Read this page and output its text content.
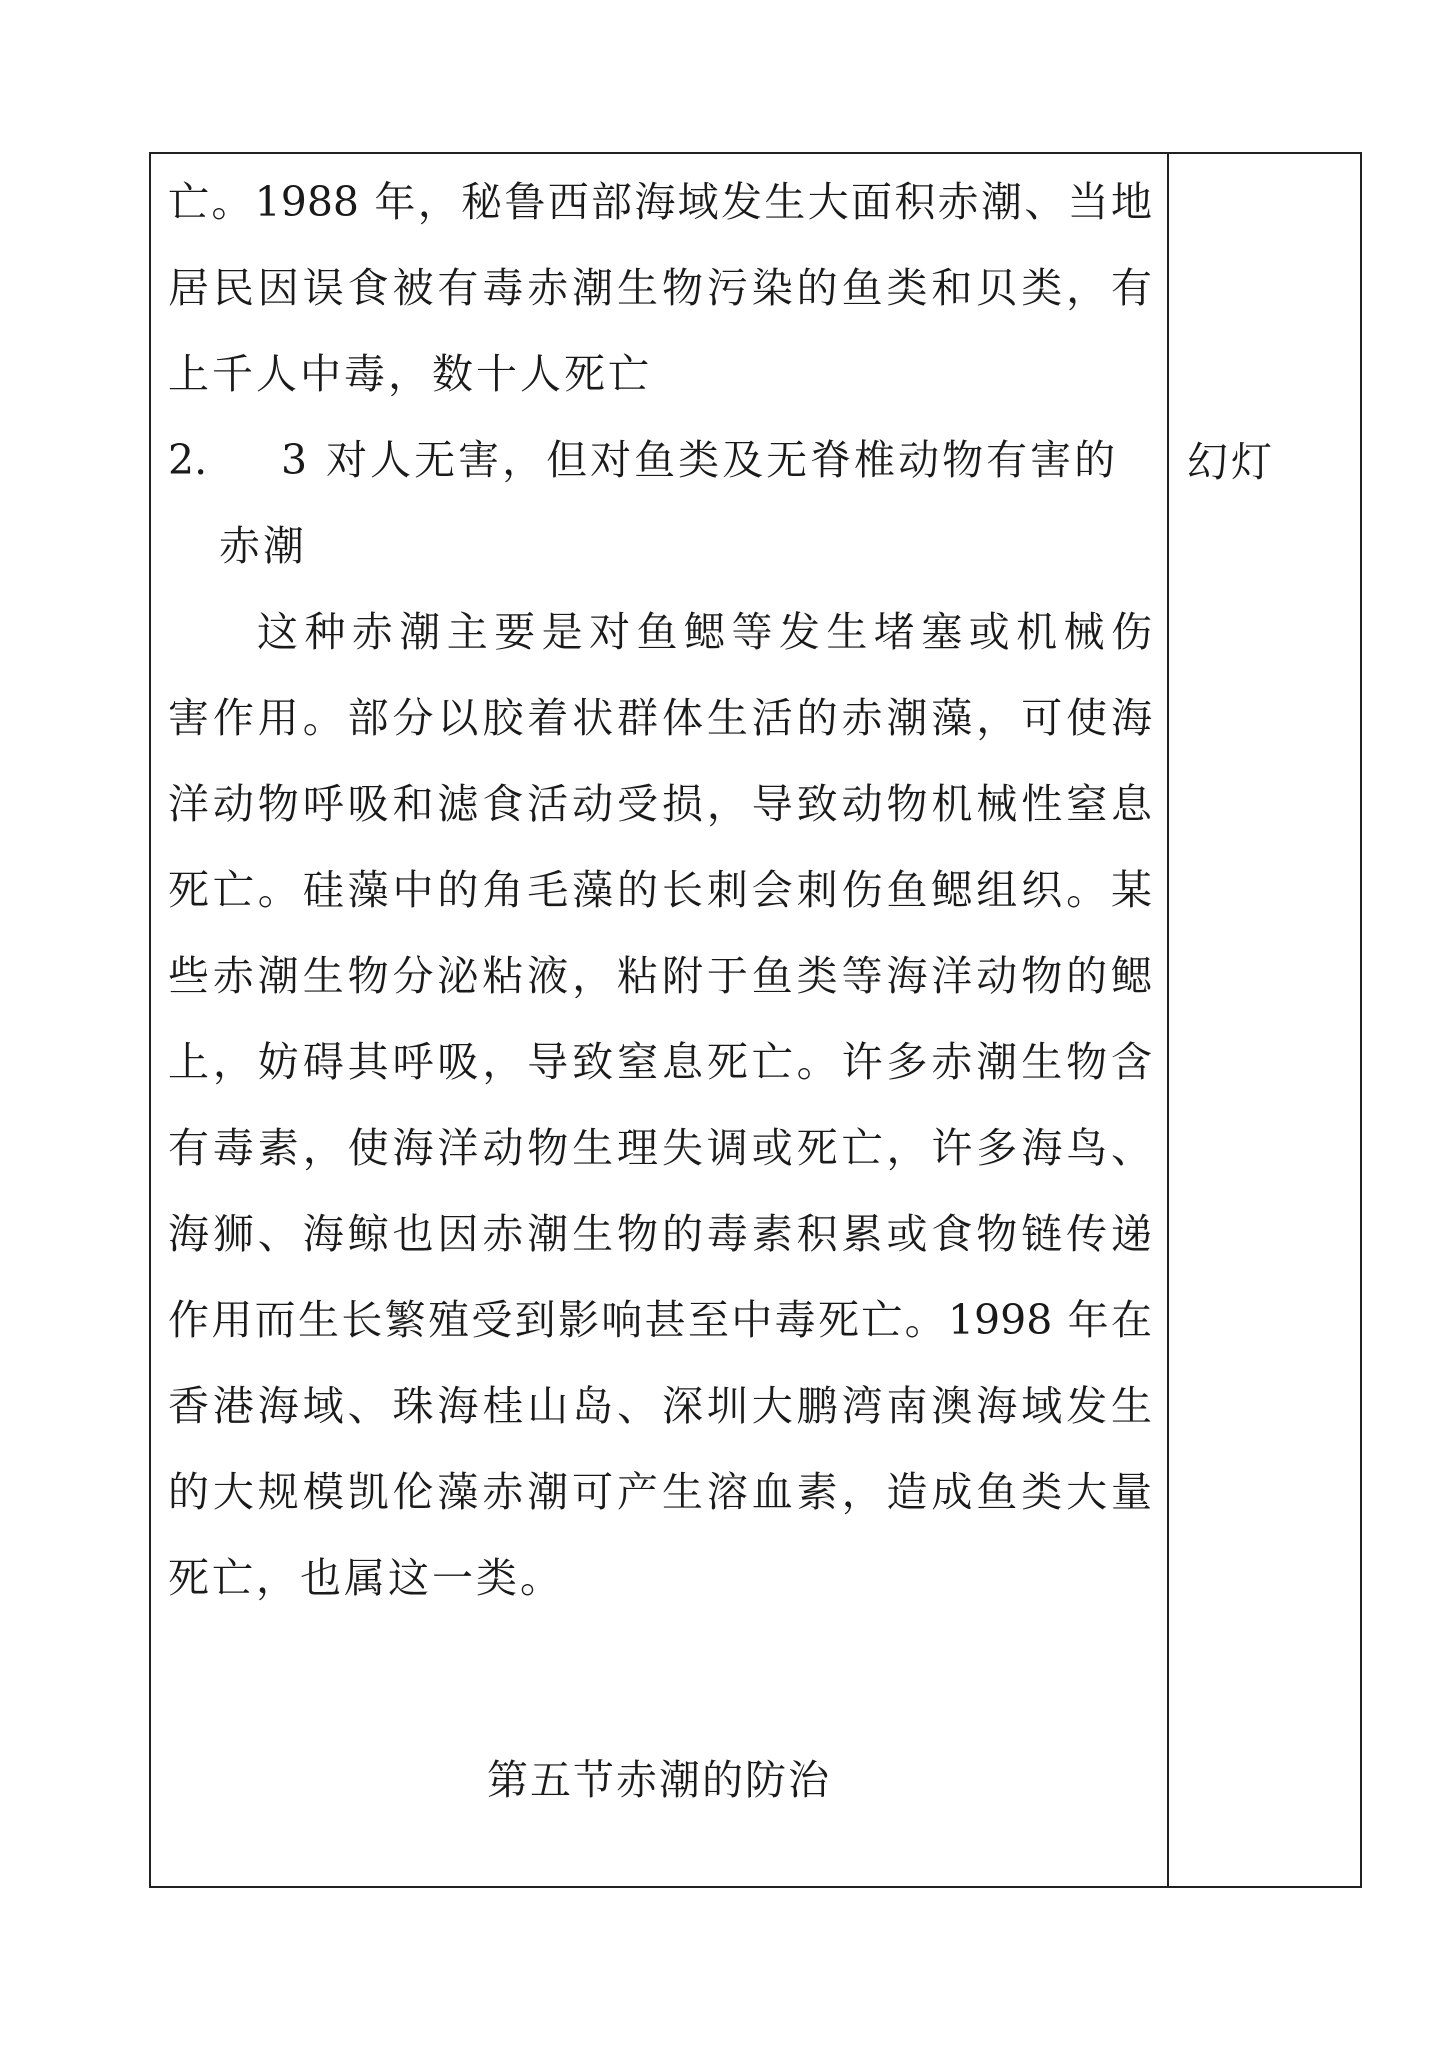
亡。1988 年，秘鲁西部海域发生大面积赤潮、当地
居民因误食被有毒赤潮生物污染的鱼类和贝类，有
上千人中毒，数十人死亡
2. 3 对人无害，但对鱼类及无脊椎动物有害的
赤潮
这种赤潮主要是对鱼鳃等发生堵塞或机械伤
害作用。部分以胶着状群体生活的赤潮藻，可使海
洋动物呼吸和滤食活动受损，导致动物机械性窒息
死亡。硅藻中的角毛藻的长刺会刺伤鱼鳃组织。某
些赤潮生物分泌粘液，粘附于鱼类等海洋动物的鳃
上，妨碍其呼吸，导致窒息死亡。许多赤潮生物含
有毒素，使海洋动物生理失调或死亡，许多海鸟、
海狮、海鲸也因赤潮生物的毒素积累或食物链传递
作用而生长繁殖受到影响甚至中毒死亡。1998 年在
香港海域、珠海桂山岛、深圳大鹏湾南澳海域发生
的大规模凯伦藻赤潮可产生溶血素，造成鱼类大量
死亡，也属这一类。
第五节赤潮的防治
幻灯
